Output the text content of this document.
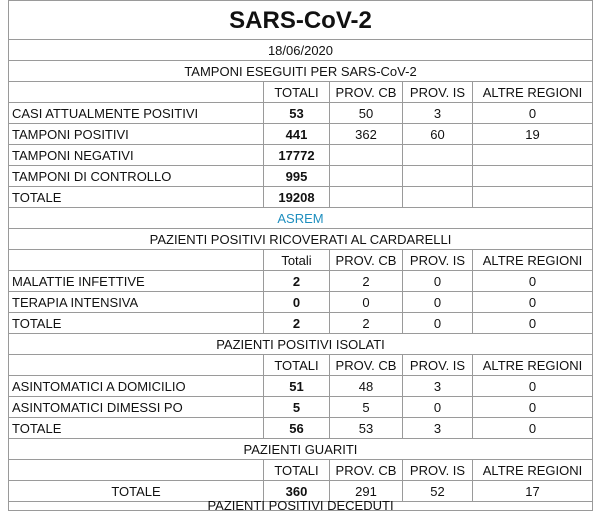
SARS-CoV-2				
18/06/2020				
TAMPONI ESEGUITI PER SARS-CoV-2				
	TOTALI	PROV. CB	PROV. IS	ALTRE REGIONI
CASI ATTUALMENTE POSITIVI	53	50	3	0
TAMPONI POSITIVI	441	362	60	19
TAMPONI NEGATIVI	17772			
TAMPONI DI CONTROLLO	995			
TOTALE	19208			
ASREM				
PAZIENTI POSITIVI RICOVERATI AL CARDARELLI				
	Totali	PROV. CB	PROV. IS	ALTRE REGIONI
MALATTIE INFETTIVE	2	2	0	0
TERAPIA INTENSIVA	0	0	0	0
TOTALE	2	2	0	0
PAZIENTI POSITIVI ISOLATI				
	TOTALI	PROV. CB	PROV. IS	ALTRE REGIONI
ASINTOMATICI A DOMICILIO	51	48	3	0
ASINTOMATICI DIMESSI PO	5	5	0	0
TOTALE	56	53	3	0
PAZIENTI GUARITI				
	TOTALI	PROV. CB	PROV. IS	ALTRE REGIONI
TOTALE	360	291	52	17
PAZIENTI POSITIVI DECEDUTI				
